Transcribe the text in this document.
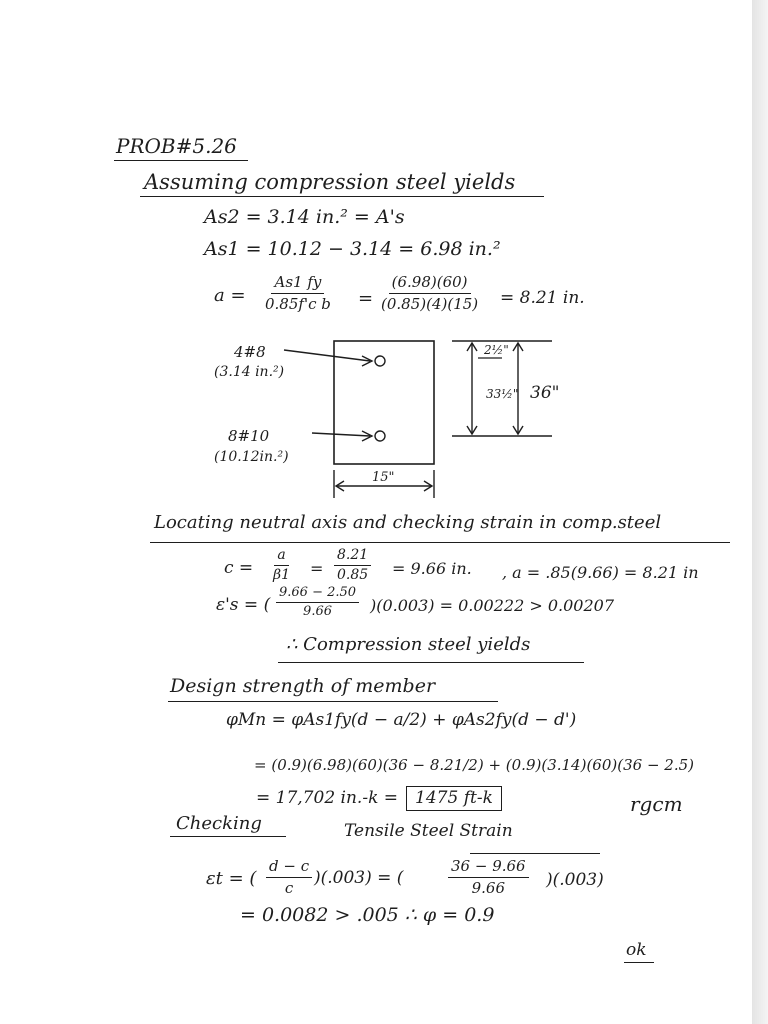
PROB#5.26
Assuming compression steel yields
As2 = 3.14 in.² = A's
As1 = 10.12 − 3.14 = 6.98 in.²
$a = \frac{As1 fy}{\text{0.85f'c b}} = \frac{(6.98)(60)}{(0.85)(4)(15)} = 8.21$ in.
4#8
(3.14 in.²)
8#10
(10.12in.²)
15"
2½"
33½" 36"
Locating neutral axis and checking strain in comp.steel
$c = \frac{a}{\beta 1} = \frac{8.21}{0.85} = 9.66$ in. , a = .85(9.66) = 8.21 in
ε's = ( $\frac{9.66 - 2.50}{9.66} )(0.003) = 0.00222 > 0.00207$
∴ Compression steel yields
Design strength of member
φMn = φAs1fy(d − a/2) + φAs2fy(d − d')
= (0.9)(6.98)(60)(36 − 8.21/2) + (0.9)(3.14)(60)(36 − 2.5)
= 17,702 in.-k =	1475 ft-k	rgcm
Checking	Tensile Steel Strain
εt = ( $\frac{d - c}{c} )(.003)$ = (	$\frac{36 - 9.66}{9.66} )(.003)$
= 0.0082 > .005 ∴ φ = 0.9
ok
